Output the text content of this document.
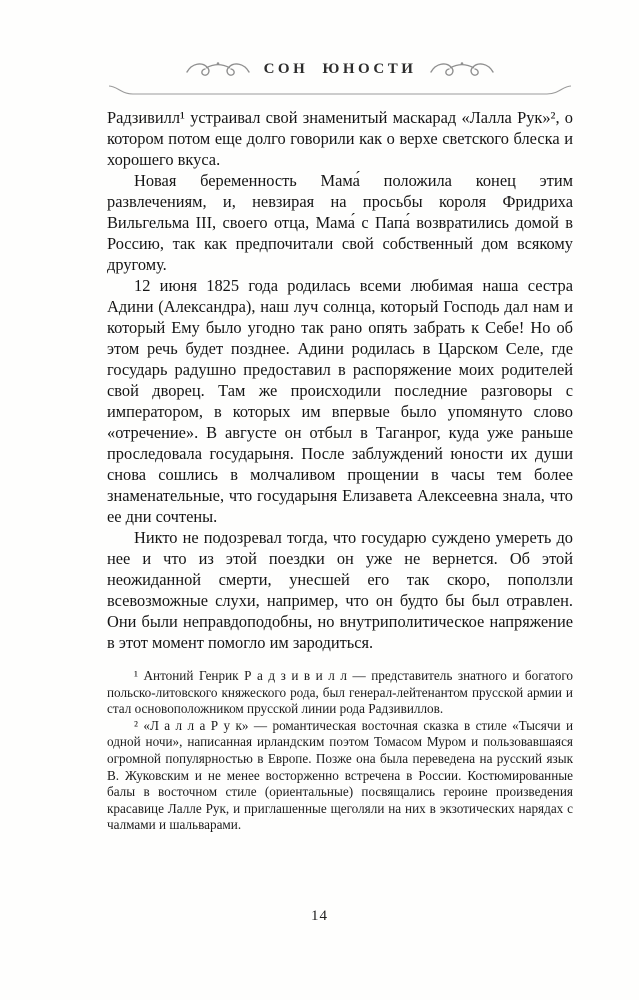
СОН ЮНОСТИ

Радзивилл¹ устраивал свой знаменитый маскарад «Лалла Рук»², о котором потом еще долго говорили как о верхе светского блеска и хорошего вкуса.

Новая беременность Мама́ положила конец этим развлечениям, и, невзирая на просьбы короля Фридриха Вильгельма III, своего отца, Мама́ с Папа́ возвратились домой в Россию, так как предпочитали свой собственный дом всякому другому.

12 июня 1825 года родилась всеми любимая наша сестра Адини (Александра), наш луч солнца, который Господь дал нам и который Ему было угодно так рано опять забрать к Себе! Но об этом речь будет позднее. Адини родилась в Царском Селе, где государь радушно предоставил в распоряжение моих родителей свой дворец. Там же происходили последние разговоры с императором, в которых им впервые было упомянуто слово «отречение». В августе он отбыл в Таганрог, куда уже раньше проследовала государыня. После заблуждений юности их души снова сошлись в молчаливом прощении в часы тем более знаменательные, что государыня Елизавета Алексеевна знала, что ее дни сочтены.

Никто не подозревал тогда, что государю суждено умереть до нее и что из этой поездки он уже не вернется. Об этой неожиданной смерти, унесшей его так скоро, поползли всевозможные слухи, например, что он будто бы был отравлен. Они были неправдоподобны, но внутриполитическое напряжение в этот момент помогло им зародиться.

¹ Антоний Генрик Р а д з и в и л л — представитель знатного и богатого польско-литовского княжеского рода, был генерал-лейтенантом прусской армии и стал основоположником прусской линии рода Радзивиллов.

² «Л а л л а Р у к» — романтическая восточная сказка в стиле «Тысячи и одной ночи», написанная ирландским поэтом Томасом Муром и пользовавшаяся огромной популярностью в Европе. Позже она была переведена на русский язык В. Жуковским и не менее восторженно встречена в России. Костюмированные балы в восточном стиле (ориентальные) посвящались героине произведения красавице Лалле Рук, и приглашенные щеголяли на них в экзотических нарядах с чалмами и шальварами.

14
